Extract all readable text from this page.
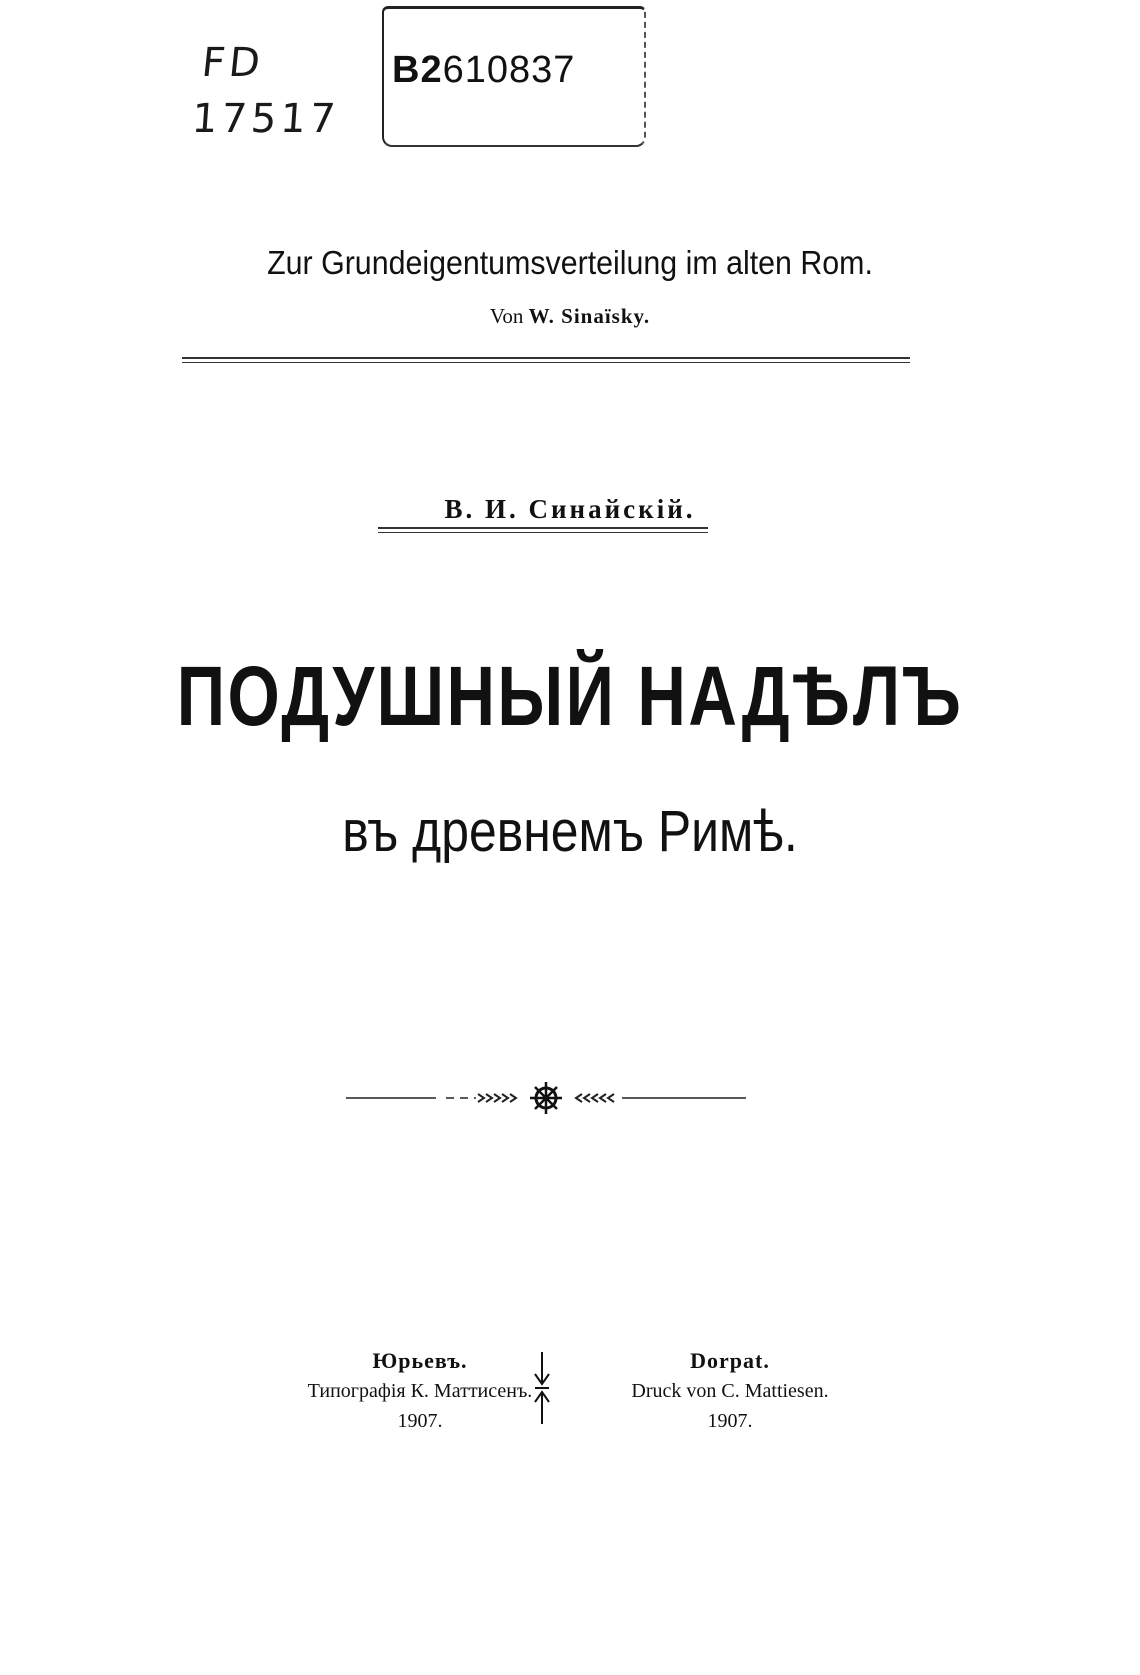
FD
17517
B2610837
Zur Grundeigentumsverteilung im alten Rom.
Von W. Sinaïsky.
В. И. Синайскiй.
ПОДУШНЫЙ НАДѢЛЪ
въ древнемъ Римѣ.
Юрьевъ.
Типографiя К. Маттисенъ.
1907.
Dorpat.
Druck von C. Mattiesen.
1907.
